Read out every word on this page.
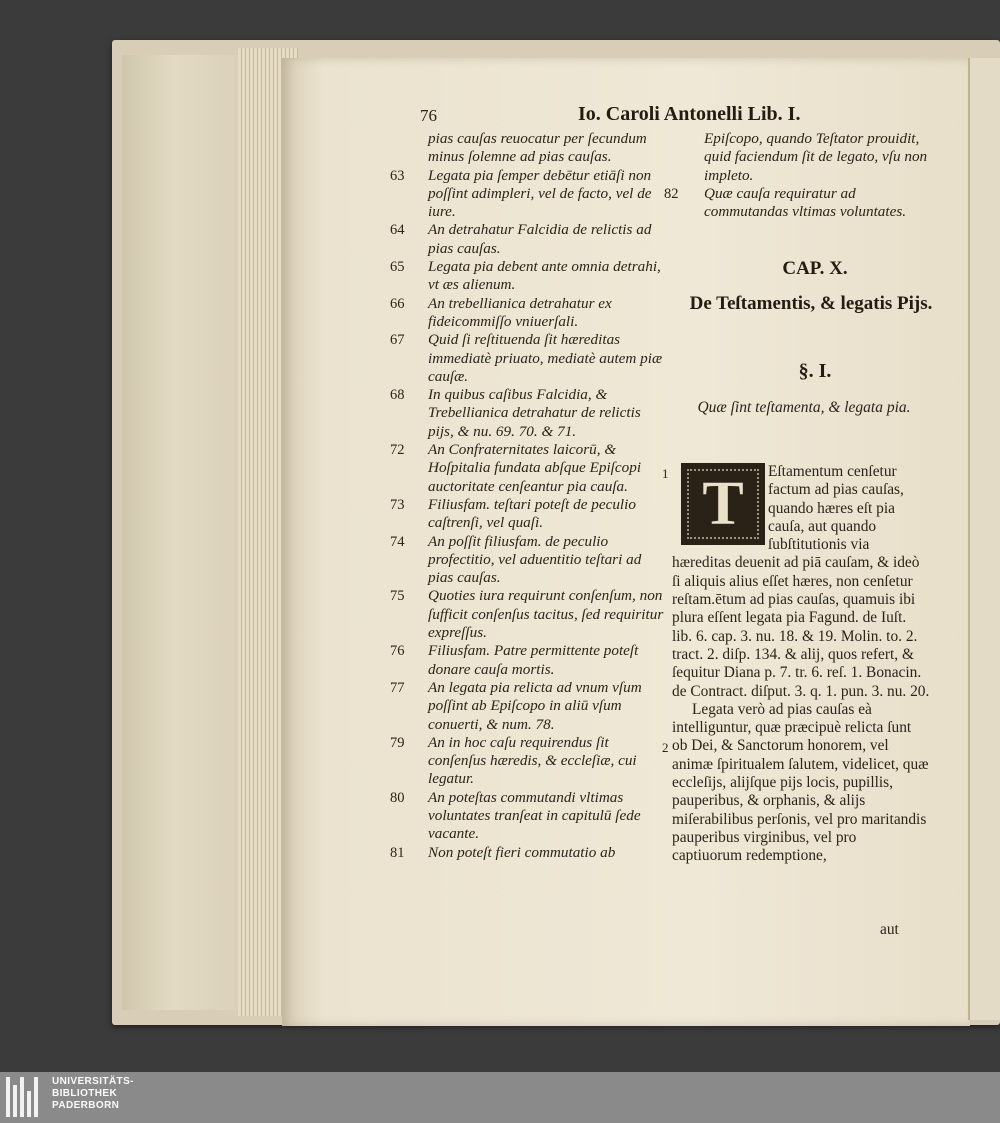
76	Io. Caroli Antonelli Lib. I.
pias cauſas reuocatur per ſecundum minus ſolemne ad pias cauſas.
63 Legata pia ſemper debētur etiāſi non poſſint adimpleri, vel de facto, vel de iure.
64 An detrahatur Falcidia de relictis ad pias cauſas.
65 Legata pia debent ante omnia detrahi, vt æs alienum.
66 An trebellianica detrahatur ex fideicommiſſo vniuerſali.
67 Quid ſi reſtituenda ſit hæreditas immediatè priuato, mediatè autem piæ cauſæ.
68 In quibus caſibus Falcidia, & Trebellianica detrahatur de relictis pijs, & nu. 69. 70. & 71.
72 An Confraternitates laicorū, & Hoſpitalia fundata abſque Epiſcopi auctoritate cenſeantur pia cauſa.
73 Filiusfam. teſtari poteſt de peculio caſtrenſi, vel quaſi.
74 An poſſit filiusfam. de peculio profectitio, vel aduentitio teſtari ad pias cauſas.
75 Quoties iura requirunt conſenſum, non ſufficit conſenſus tacitus, ſed requiritur expreſſus.
76 Filiusfam. Patre permittente poteſt donare cauſa mortis.
77 An legata pia relicta ad vnum vſum poſſint ab Epiſcopo in aliū vſum conuerti, & num. 78.
79 An in hoc caſu requirendus ſit conſenſus hæredis, & eccleſiæ, cui legatur.
80 An poteſtas commutandi vltimas voluntates tranſeat in capitulū ſede vacante.
81 Non poteſt fieri commutatio ab
Epiſcopo, quando Teſtator prouidit, quid faciendum ſit de legato, vſu non impleto.
82 Quæ cauſa requiratur ad commutandas vltimas voluntates.
CAP. X.
De Teſtamentis, & legatis Pijs.
§. I.
Quæ ſint teſtamenta, & legata pia.
1
2

Eſtamentum cenſetur factum ad pias cauſas, quando hæres eſt pia cauſa, aut quando ſubſtitutionis via hæreditas deuenit ad piā cauſam, & ideò ſi aliquis alius eſſet hæres, non cenſetur reſtam.ētum ad pias cauſas, quamuis ibi plura eſſent legata pia Fagund. de Iuſt. lib. 6. cap. 3. nu. 18. & 19. Molin. to. 2. tract. 2. diſp. 134. & alij, quos refert, & ſequitur Diana p. 7. tr. 6. reſ. 1. Bonacin. de Contract. diſput. 3. q. 1. pun. 3. nu. 20.

Legata verò ad pias cauſas eà intelliguntur, quæ præcipuè relicta ſunt ob Dei, & Sanctorum honorem, vel animæ ſpiritualem ſalutem, videlicet, quæ eccleſijs, alijſque pijs locis, pupillis, pauperibus, & orphanis, & alijs miſerabilibus perſonis, vel pro maritandis pauperibus virginibus, vel pro captiuorum redemptione,

T
aut
UNIVERSITÄTS-
BIBLIOTHEK
PADERBORN
